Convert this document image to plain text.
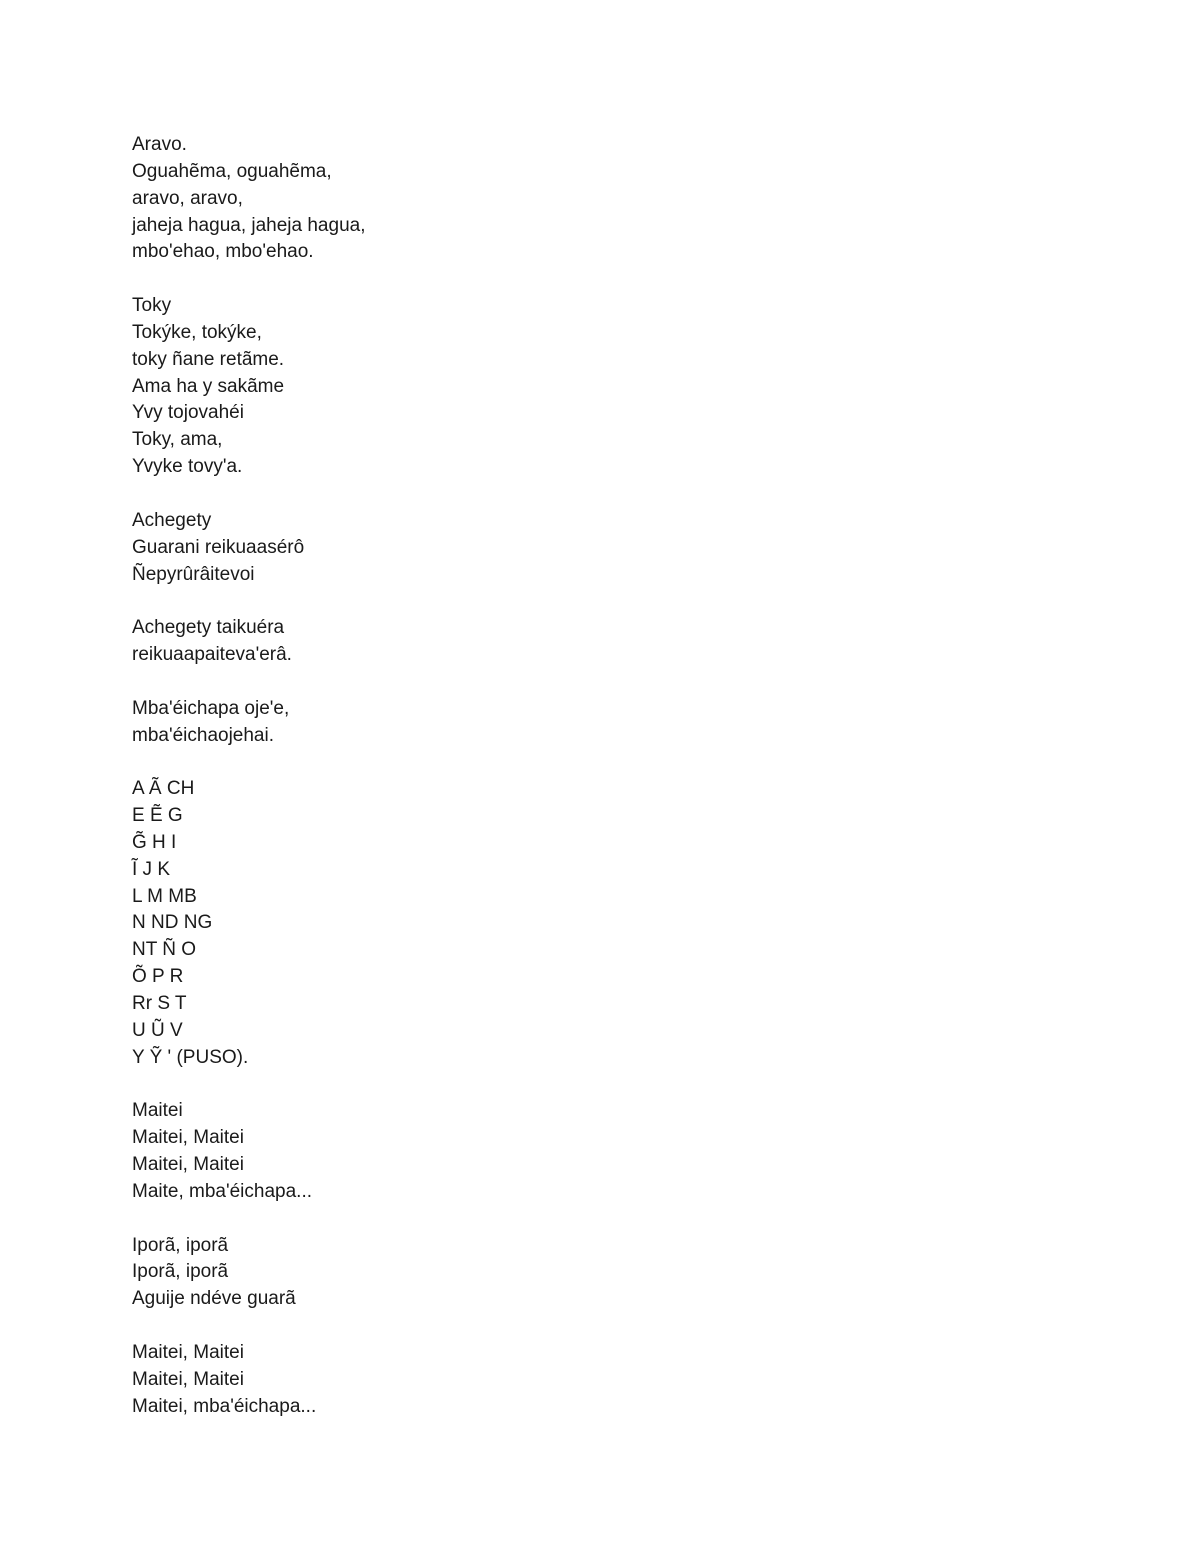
Aravo.
Oguahẽma, oguahẽma,
aravo, aravo,
jaheja hagua, jaheja hagua,
mbo'ehao, mbo'ehao.
Toky
Tokýke, tokýke,
toky ñane retãme.
Ama ha y sakãme
Yvy tojovahéi
Toky, ama,
Yvyke tovy'a.
Achegety
Guarani reikuaasérô
Ñepyrûrâitevoi
Achegety taikuéra
reikuaapaiteva'erâ.
Mba'éichapa oje'e,
mba'éichaojehai.
A Ã CH
E Ẽ G
G̃ H I
Ĩ J K
L M MB
N ND NG
NT Ñ O
Õ P R
Rr S T
U Ũ V
Y Ỹ ' (PUSO).
Maitei
Maitei, Maitei
Maitei, Maitei
Maite, mba'éichapa...
Iporã, iporã
Iporã, iporã
Aguije ndéve guarã
Maitei, Maitei
Maitei, Maitei
Maitei, mba'éichapa...
